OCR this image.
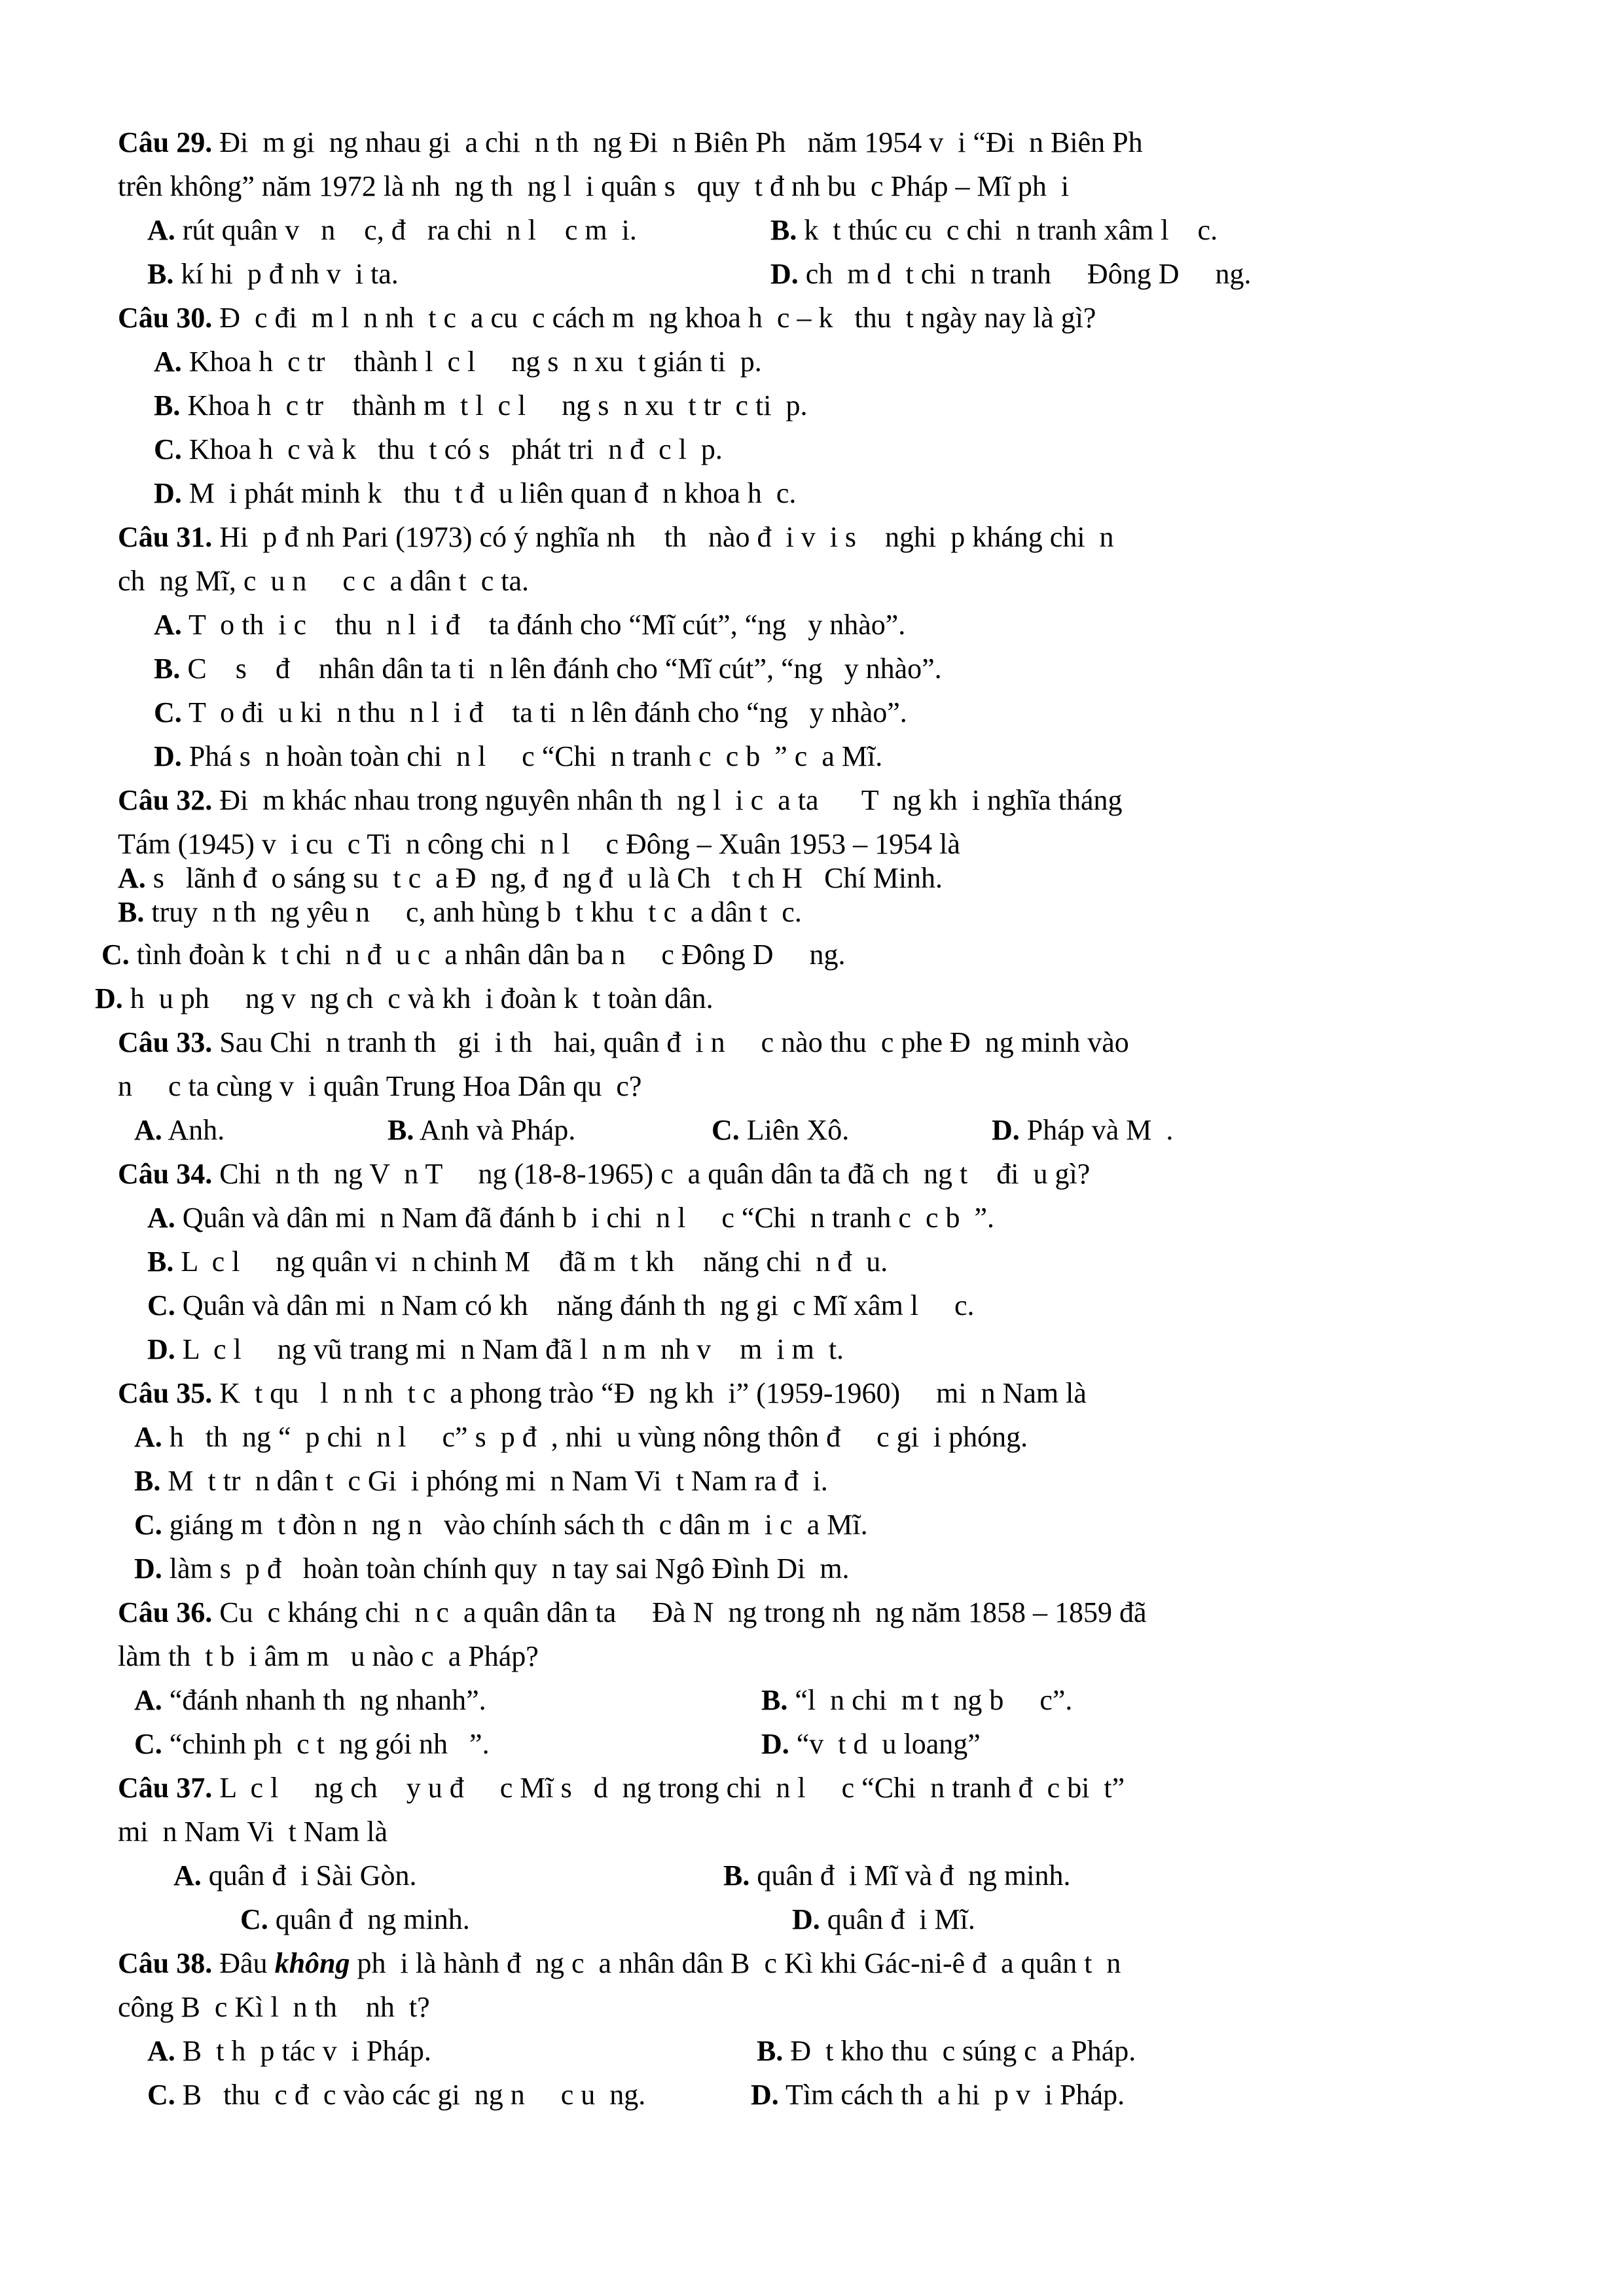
Câu 29. Đi  m gi  ng nhau gi  a chi  n th  ng Đi  n Biên Ph   năm 1954 v  i “Đi  n Biên Ph
trên không” năm 1972 là nh  ng th  ng l  i quân s   quy  t đ nh bu  c Pháp – Mĩ ph  i
A. rút quân v   n    c, đ   ra chi  n l    c m  i.	B. k  t thúc cu  c chi  n tranh xâm l    c.
B. kí hi  p đ nh v  i ta.	D. ch  m d  t chi  n tranh     Đông D     ng.
Câu 30. Đ  c đi  m l  n nh  t c  a cu  c cách m  ng khoa h  c – k   thu  t ngày nay là gì?
A. Khoa h  c tr    thành l  c l     ng s  n xu  t gián ti  p.
B. Khoa h  c tr    thành m  t l  c l     ng s  n xu  t tr  c ti  p.
C. Khoa h  c và k   thu  t có s   phát tri  n đ  c l  p.
D. M  i phát minh k   thu  t đ  u liên quan đ  n khoa h  c.
Câu 31. Hi  p đ nh Pari (1973) có ý nghĩa nh    th   nào đ  i v  i s    nghi  p kháng chi  n
ch  ng Mĩ, c  u n     c c  a dân t  c ta.
A. T  o th  i c    thu  n l  i đ    ta đánh cho “Mĩ cút”, “ng   y nhào”.
B. C    s    đ    nhân dân ta ti  n lên đánh cho “Mĩ cút”, “ng   y nhào”.
C. T  o đi  u ki  n thu  n l  i đ    ta ti  n lên đánh cho “ng   y nhào”.
D. Phá s  n hoàn toàn chi  n l     c “Chi  n tranh c  c b  ” c  a Mĩ.
Câu 32. Đi  m khác nhau trong nguyên nhân th  ng l  i c  a ta      T  ng kh  i nghĩa tháng
Tám (1945) v  i cu  c Ti  n công chi  n l     c Đông – Xuân 1953 – 1954 là
A. s   lãnh đ  o sáng su  t c  a Đ  ng, đ  ng đ  u là Ch   t ch H   Chí Minh.
B. truy  n th  ng yêu n     c, anh hùng b  t khu  t c  a dân t  c.
C. tình đoàn k  t chi  n đ  u c  a nhân dân ba n     c Đông D     ng.
D. h  u ph     ng v  ng ch  c và kh  i đoàn k  t toàn dân.
Câu 33. Sau Chi  n tranh th   gi  i th   hai, quân đ  i n     c nào thu  c phe Đ  ng minh vào
n     c ta cùng v  i quân Trung Hoa Dân qu  c?
A. Anh.	B. Anh và Pháp.	C. Liên Xô.	D. Pháp và M  .
Câu 34. Chi  n th  ng V  n T     ng (18-8-1965) c  a quân dân ta đã ch  ng t    đi  u gì?
A. Quân và dân mi  n Nam đã đánh b  i chi  n l     c “Chi  n tranh c  c b  ”.
B. L  c l     ng quân vi  n chinh M    đã m  t kh    năng chi  n đ  u.
C. Quân và dân mi  n Nam có kh    năng đánh th  ng gi  c Mĩ xâm l     c.
D. L  c l     ng vũ trang mi  n Nam đã l  n m  nh v    m  i m  t.
Câu 35. K  t qu   l  n nh  t c  a phong trào “Đ  ng kh  i” (1959-1960)     mi  n Nam là
A. h   th  ng “  p chi  n l     c” s  p đ  , nhi  u vùng nông thôn đ     c gi  i phóng.
B. M  t tr  n dân t  c Gi  i phóng mi  n Nam Vi  t Nam ra đ  i.
C. giáng m  t đòn n  ng n   vào chính sách th  c dân m  i c  a Mĩ.
D. làm s  p đ   hoàn toàn chính quy  n tay sai Ngô Đình Di  m.
Câu 36. Cu  c kháng chi  n c  a quân dân ta     Đà N  ng trong nh  ng năm 1858 – 1859 đã
làm th  t b  i âm m   u nào c  a Pháp?
A. “đánh nhanh th  ng nhanh”.	B. “l  n chi  m t  ng b     c”.
C. “chinh ph  c t  ng gói nh   ”.	D. “v  t d  u loang”
Câu 37. L  c l     ng ch    y u đ     c Mĩ s   d  ng trong chi  n l     c “Chi  n tranh đ  c bi  t”
mi  n Nam Vi  t Nam là
A. quân đ  i Sài Gòn.	B. quân đ  i Mĩ và đ  ng minh.
C. quân đ  ng minh.	D. quân đ  i Mĩ.
Câu 38. Đâu không ph  i là hành đ  ng c  a nhân dân B  c Kì khi Gác-ni-ê đ  a quân t  n
công B  c Kì l  n th    nh  t?
A. B  t h  p tác v  i Pháp.	B. Đ  t kho thu  c súng c  a Pháp.
C. B   thu  c đ  c vào các gi  ng n     c u  ng.	D. Tìm cách th  a hi  p v  i Pháp.
